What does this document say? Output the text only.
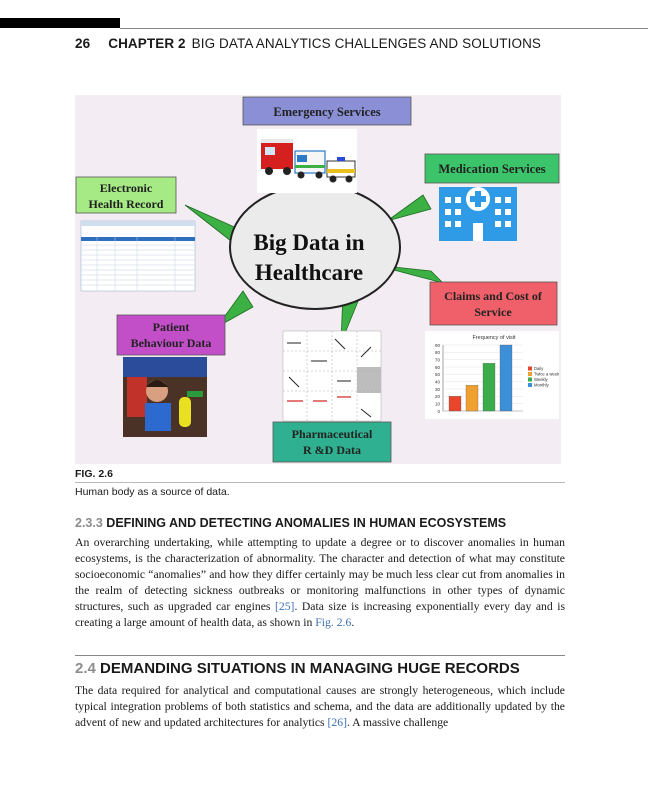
26 CHAPTER 2 BIG DATA ANALYTICS CHALLENGES AND SOLUTIONS
Big Data in
Healthcare
Emergency Services
Medication Services
Electronic
Health Record
Claims and Cost of
Service
Frequency of visit
0
10
20
30
40
50
60
70
80
90
Daily
Twice a week
Weekly
Monthly
Patient
Behaviour Data
Pharmaceutical
R &D Data
FIG. 2.6
Human body as a source of data.
2.3.3 DEFINING AND DETECTING ANOMALIES IN HUMAN ECOSYSTEMS
An overarching undertaking, while attempting to update a degree or to discover anomalies in human ecosystems, is the characterization of abnormality. The character and detection of what may constitute socioeconomic “anomalies” and how they differ certainly may be much less clear cut from anomalies in the realm of detecting sickness outbreaks or monitoring malfunctions in other types of dynamic structures, such as upgraded car engines [25]. Data size is increasing exponentially every day and is creating a large amount of health data, as shown in Fig. 2.6.
2.4 DEMANDING SITUATIONS IN MANAGING HUGE RECORDS
The data required for analytical and computational causes are strongly heterogeneous, which include typical integration problems of both statistics and schema, and the data are additionally updated by the advent of new and updated architectures for analytics [26]. A massive challenge
